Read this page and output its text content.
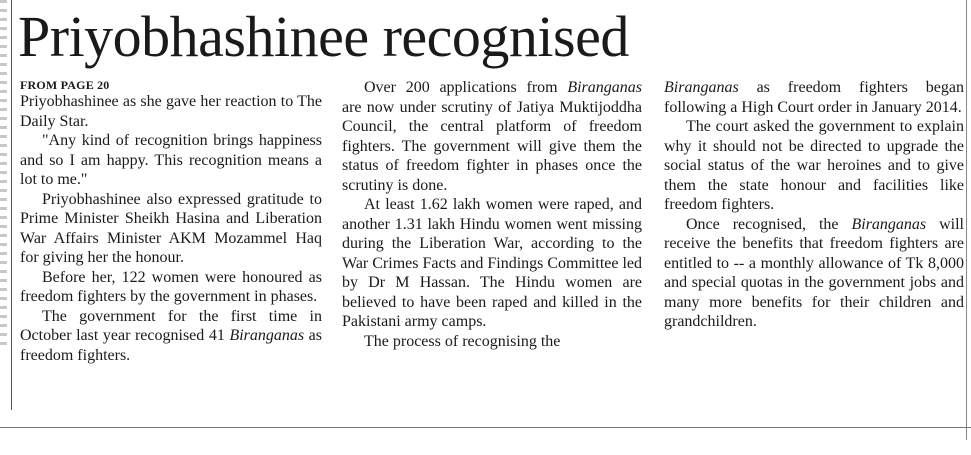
Priyobhashinee recognised
FROM PAGE 20

Priyobhashinee as she gave her reaction to The Daily Star.

"Any kind of recognition brings happiness and so I am happy. This recognition means a lot to me."

Priyobhashinee also expressed gratitude to Prime Minister Sheikh Hasina and Liberation War Affairs Minister AKM Mozammel Haq for giving her the honour.

Before her, 122 women were honoured as freedom fighters by the government in phases.

The government for the first time in October last year recognised 41 Biranganas as freedom fighters.

Over 200 applications from Biranganas are now under scrutiny of Jatiya Muktijoddha Council, the central platform of freedom fighters. The government will give them the status of freedom fighter in phases once the scrutiny is done.

At least 1.62 lakh women were raped, and another 1.31 lakh Hindu women went missing during the Liberation War, according to the War Crimes Facts and Findings Committee led by Dr M Hassan. The Hindu women are believed to have been raped and killed in the Pakistani army camps.

The process of recognising the

Biranganas as freedom fighters began following a High Court order in January 2014.

The court asked the government to explain why it should not be directed to upgrade the social status of the war heroines and to give them the state honour and facilities like freedom fighters.

Once recognised, the Biranganas will receive the benefits that freedom fighters are entitled to -- a monthly allowance of Tk 8,000 and special quotas in the government jobs and many more benefits for their children and grandchildren.
